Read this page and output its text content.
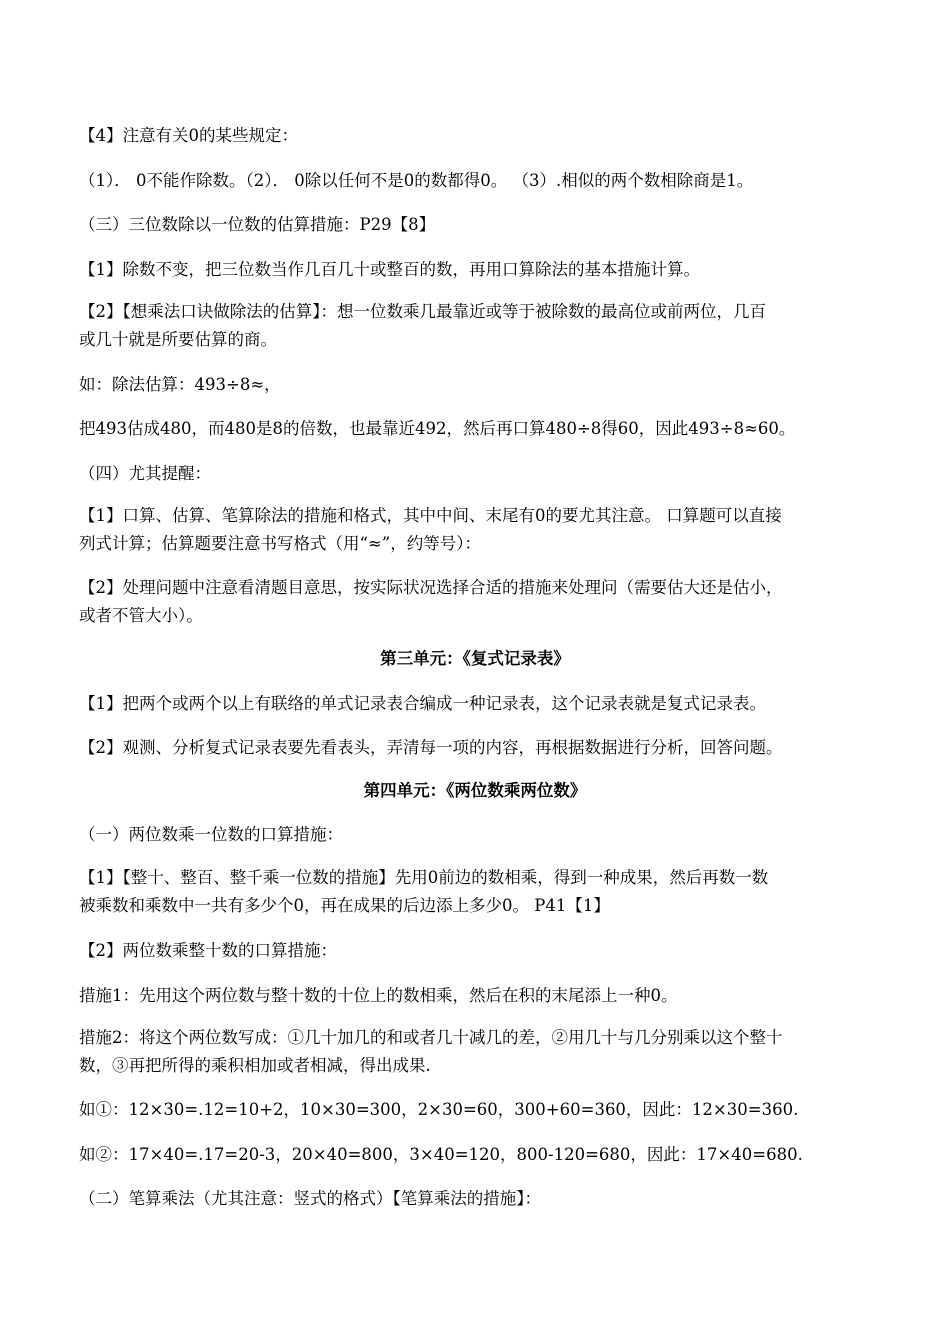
【4】注意有关0的某些规定：
（1）． 0不能作除数。（2）． 0除以任何不是0的数都得0。 （3）.相似的两个数相除商是1。
（三）三位数除以一位数的估算措施：P29【8】
【1】除数不变，把三位数当作几百几十或整百的数，再用口算除法的基本措施计算。
【2】【想乘法口诀做除法的估算】：想一位数乘几最靠近或等于被除数的最高位或前两位，几百
或几十就是所要估算的商。
如：除法估算：493÷8≈，
把493估成480，而480是8的倍数，也最靠近492，然后再口算480÷8得60，因此493÷8≈60。
（四）尤其提醒：
【1】口算、估算、笔算除法的措施和格式，其中中间、末尾有0的要尤其注意。 口算题可以直接
列式计算；估算题要注意书写格式（用“≈”，约等号）：
【2】处理问题中注意看清题目意思，按实际状况选择合适的措施来处理问（需要估大还是估小，
或者不管大小）。
第三单元：《复式记录表》
【1】把两个或两个以上有联络的单式记录表合编成一种记录表，这个记录表就是复式记录表。
【2】观测、分析复式记录表要先看表头，弄清每一项的内容，再根据数据进行分析，回答问题。
第四单元：《两位数乘两位数》
（一）两位数乘一位数的口算措施：
【1】【整十、整百、整千乘一位数的措施】先用0前边的数相乘，得到一种成果，然后再数一数
被乘数和乘数中一共有多少个0，再在成果的后边添上多少0。 P41【1】
【2】两位数乘整十数的口算措施：
措施1：先用这个两位数与整十数的十位上的数相乘，然后在积的末尾添上一种0。
措施2：将这个两位数写成：①几十加几的和或者几十减几的差，②用几十与几分别乘以这个整十
数，③再把所得的乘积相加或者相减，得出成果.
如①：12×30=.12=10+2，10×30=300，2×30=60，300+60=360，因此：12×30=360.
如②：17×40=.17=20-3，20×40=800，3×40=120，800-120=680，因此：17×40=680.
（二）笔算乘法（尤其注意：竖式的格式）【笔算乘法的措施】：
